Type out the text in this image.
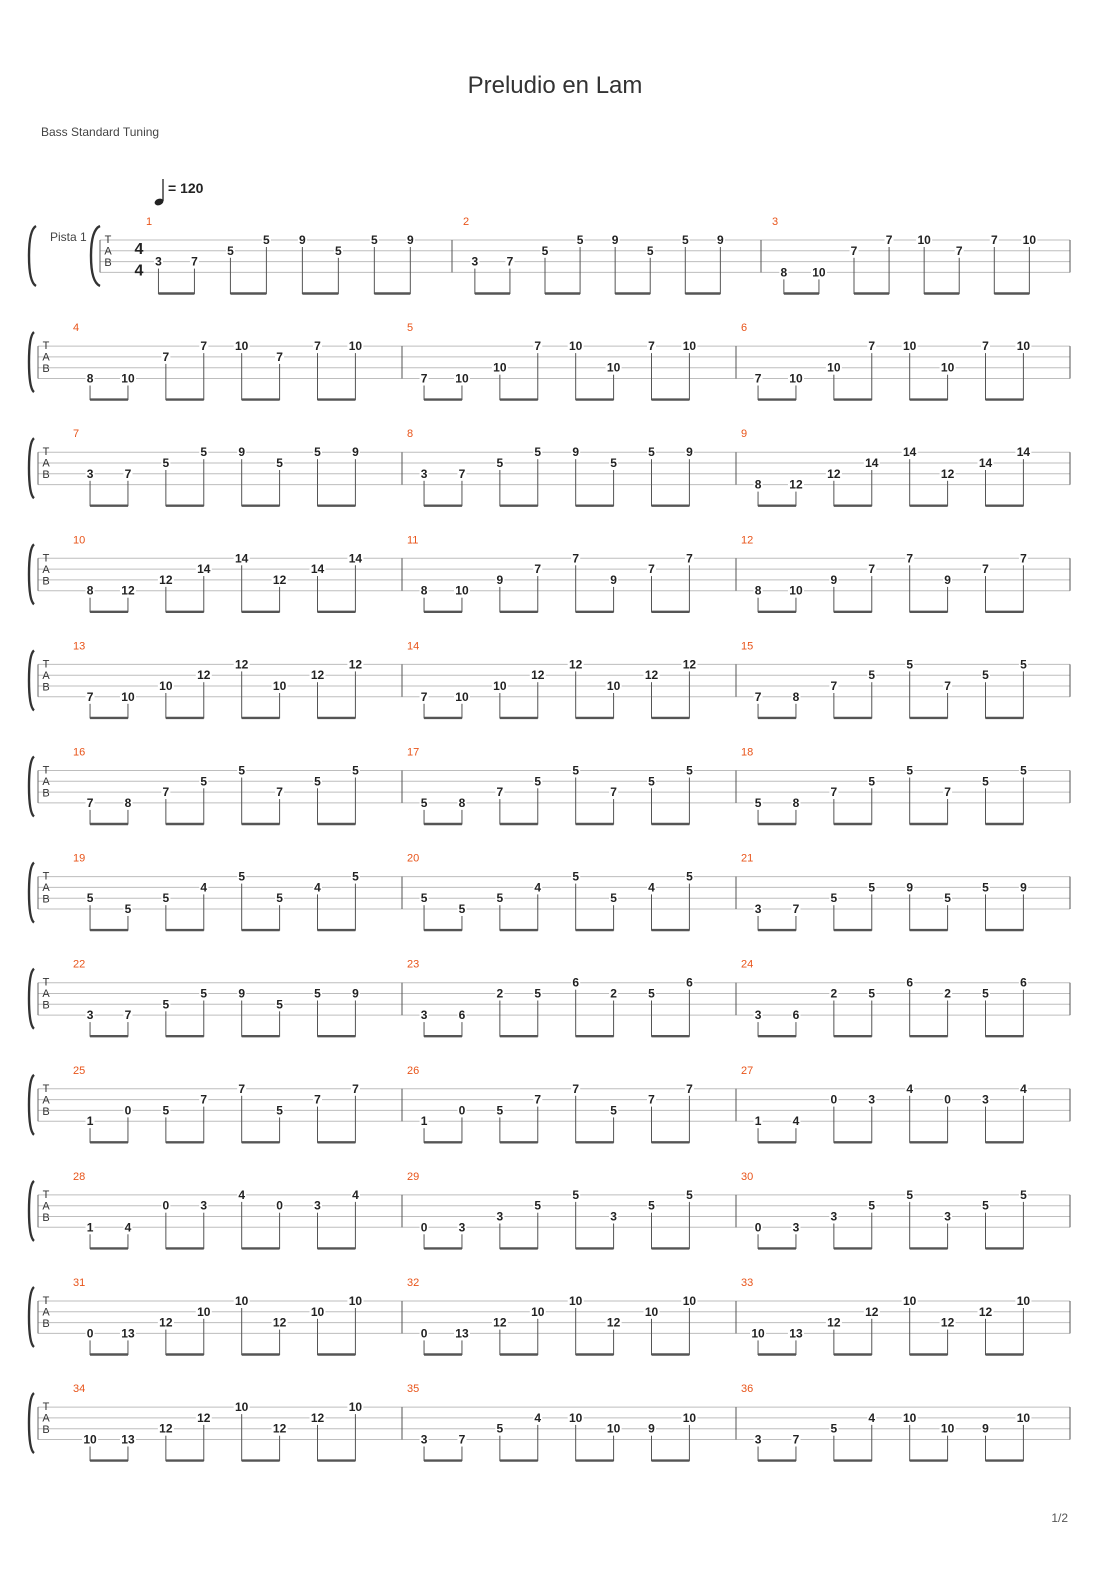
Preludio en Lam
Bass Standard Tuning
= 120
Pista 1 T
A
B
4
4
1
3 7
5
5 9
5
5 9
2
3 7
5
5 9
5
5 9
3
8 10
7
7 10
7
7 10
T
A
B
4
8 10
7
7 10
7
7 10
5
7 10
10
7 10
10
7 10
6
7 10
10
7 10
10
7 10
T
A
B
7
3	7
5
5	9
5
5	9
8
3	7
5
5	9
5
5	9
9
8 12
12
14
14
12
14
14
T
A
B
10
8 12
12
14
14
12
14
14
11
8 10
9
7
7
9
7
7
12
8 10
9
7
7
9
7
7
T
A
B
13
7 10
10
12
12
10
12
12
14
7 10
10
12
12
10
12
12
15
7	8
7
5
5
7
5
5
T
A
B
16
7	8
7
5
5
7
5
5
17
5	8
7
5
5
7
5
5
18
5	8
7
5
5
7
5
5
T
A
B
19
5
5
5
4
5
5
4
5
20
5
5
5
4
5
5
4
5
21
3	7
5
5	9
5
5	9
T
A
B
22
3	7
5
5	9
5
5	9
23
3	6
2	5
6
2	5
6
24
3	6
2	5
6
2	5
6
T
A
B
25
1
0	5
7
7
5
7
7
26
1
0	5
7
7
5
7
7
27
1	4
0	3
4
0	3
4
T
A
B
28
1	4
0	3
4
0	3
4
29
0	3
3
5
5
3
5
5
30
0	3
3
5
5
3
5
5
T
A
B
31
0 13
12
10
10
12
10
10
32
0 13
12
10
10
12
10
10
33
10 13
12
12
10
12
12
10
T
A
B
34
10 13
12
12
10
12
12
10
35
3	7
5
4 10
10 9
10
36
3	7
5
4 10
10 9
10
1/2
